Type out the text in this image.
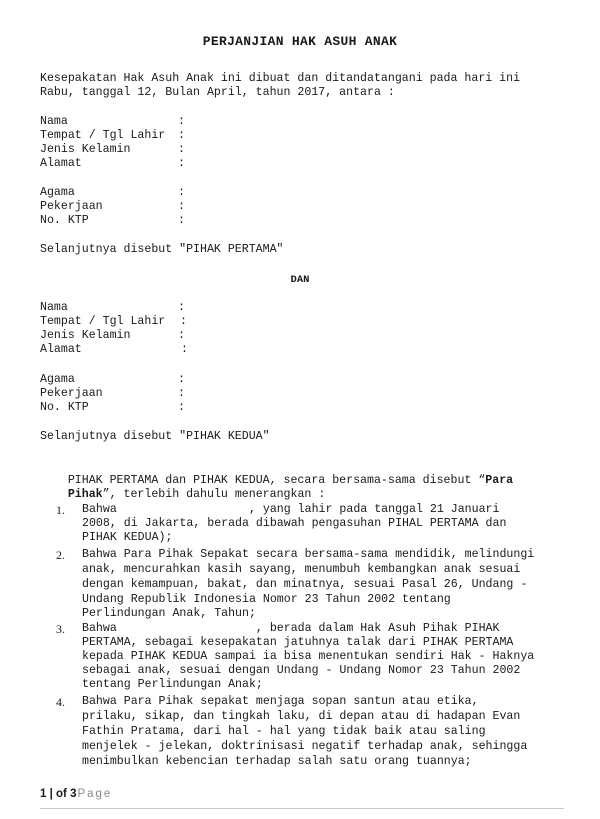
PERJANJIAN HAK ASUH ANAK
Kesepakatan Hak Asuh Anak ini dibuat dan ditandatangani pada hari ini
Rabu, tanggal 12, Bulan April, tahun 2017, antara :
Nama	:
Tempat / Tgl Lahir :
Jenis Kelamin	:
Alamat	:
Agama	:
Pekerjaan	:
No. KTP	:
Selanjutnya disebut "PIHAK PERTAMA"
DAN
Nama	:
Tempat / Tgl Lahir :
Jenis Kelamin	:
Alamat	:
Agama	:
Pekerjaan	:
No. KTP	:
Selanjutnya disebut "PIHAK KEDUA"

PIHAK PERTAMA dan PIHAK KEDUA, secara bersama-sama disebut “Para

Pihak”, terlebih dahulu menerangkan :

1. Bahwa                   , yang lahir pada tanggal 21 Januari
2008, di Jakarta, berada dibawah pengasuhan PIHAL PERTAMA dan
PIHAK KEDUA);
2. Bahwa Para Pihak Sepakat secara bersama-sama mendidik, melindungi
anak, mencurahkan kasih sayang, menumbuh kembangkan anak sesuai
dengan kemampuan, bakat, dan minatnya, sesuai Pasal 26, Undang -
Undang Republik Indonesia Nomor 23 Tahun 2002 tentang
Perlindungan Anak, Tahun;
3. Bahwa                    , berada dalam Hak Asuh Pihak PIHAK
PERTAMA, sebagai kesepakatan jatuhnya talak dari PIHAK PERTAMA
kepada PIHAK KEDUA sampai ia bisa menentukan sendiri Hak - Haknya
sebagai anak, sesuai dengan Undang - Undang Nomor 23 Tahun 2002
tentang Perlindungan Anak;
4. Bahwa Para Pihak sepakat menjaga sopan santun atau etika,
prilaku, sikap, dan tingkah laku, di depan atau di hadapan Evan
Fathin Pratama, dari hal - hal yang tidak baik atau saling
menjelek - jelekan, doktrinisasi negatif terhadap anak, sehingga
menimbulkan kebencian terhadap salah satu orang tuannya;
1 | of 3Page
